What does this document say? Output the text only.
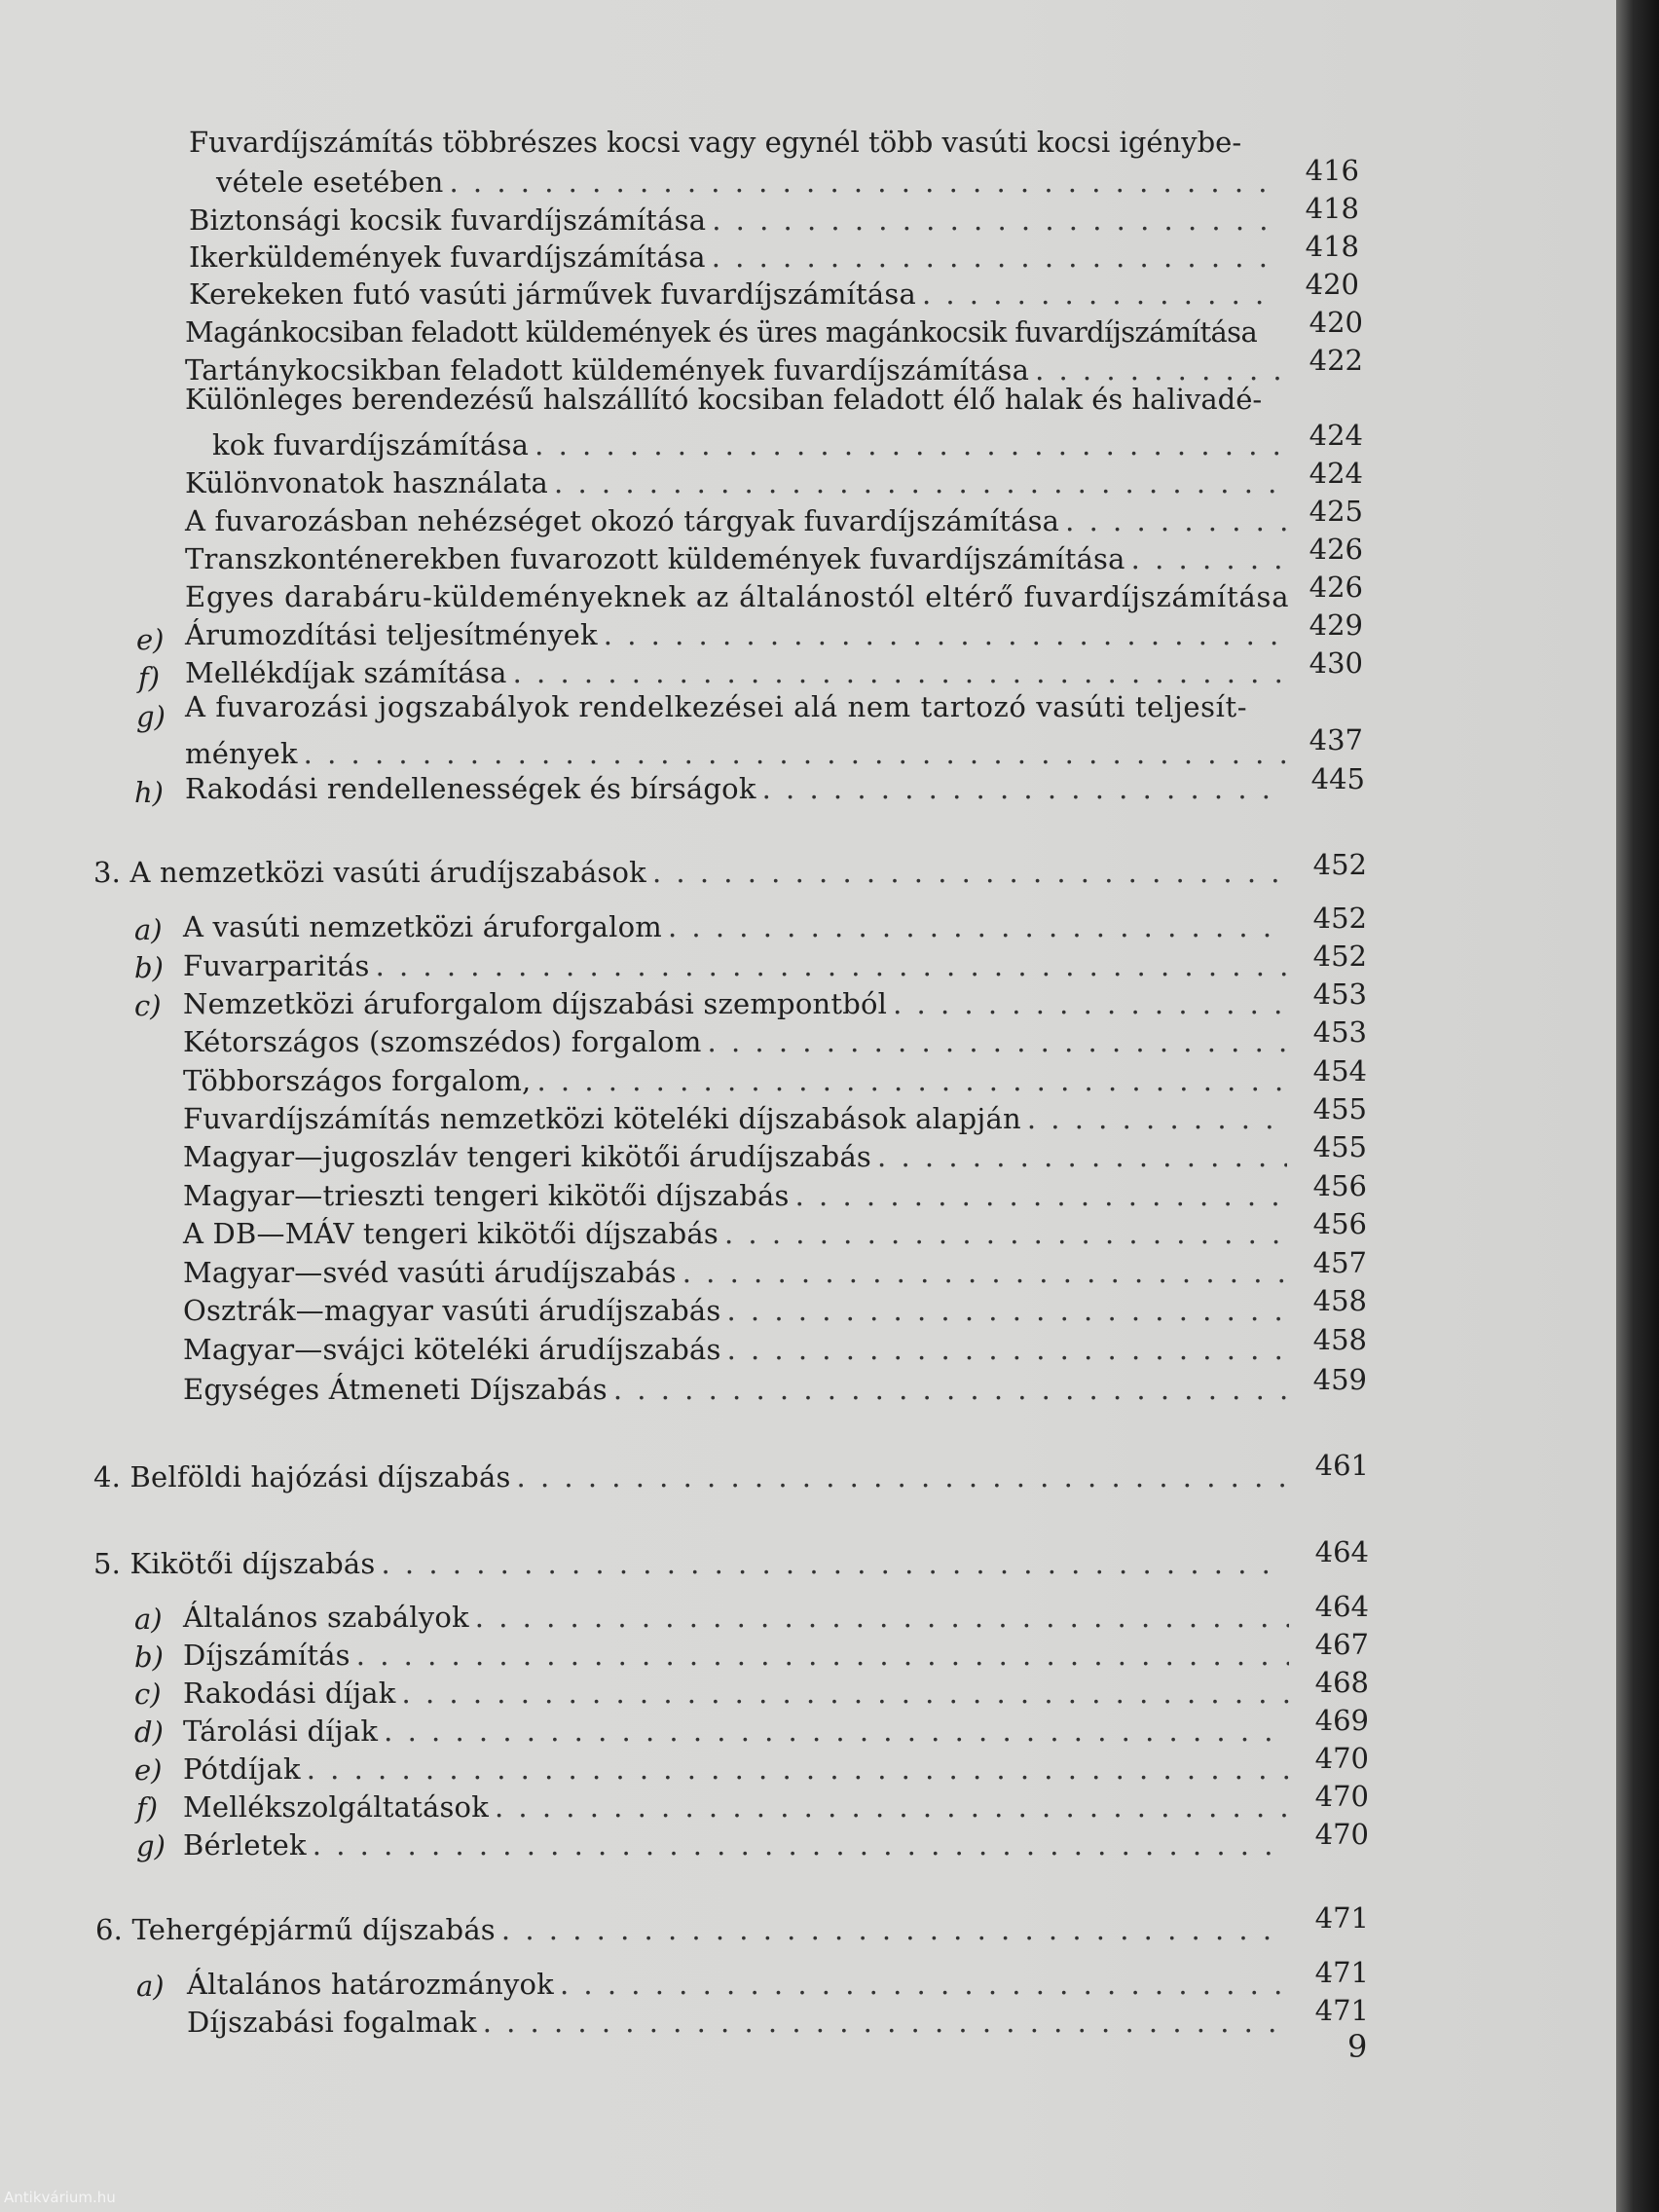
Fuvardíjszámítás többrészes kocsi vagy egynél több vasúti kocsi igénybe-
vétele esetében . . .	416
Biztonsági kocsik fuvardíjszámítása . . .	418
Ikerküldemények fuvardíjszámítása . . .	418
Kerekeken futó vasúti járművek fuvardíjszámítása . . .	420
Magánkocsiban feladott küldemények és üres magánkocsik fuvardíjszámítása	420
Tartánykocsikban feladott küldemények fuvardíjszámítása . . .	422
Különleges berendezésű halszállító kocsiban feladott élő halak és halivadé-
kok fuvardíjszámítása . . .	424
Különvonatok használata . . .	424
A fuvarozásban nehézséget okozó tárgyak fuvardíjszámítása . . .	425
Transzkonténerekben fuvarozott küldemények fuvardíjszámítása . . .	426
Egyes darabáru-küldeményeknek az általánostól eltérő fuvardíjszámítása 426
e) Árumozdítási teljesítmények . . .	429
f) Mellékdíjak számítása . . .	430
g) A fuvarozási jogszabályok rendelkezései alá nem tartozó vasúti teljesít-
mények . . .	437
h) Rakodási rendellenességek és bírságok . . .	445
3. A nemzetközi vasúti árudíjszabások . . .	452
a) A vasúti nemzetközi áruforgalom . . .	452
b) Fuvarparitás . . .	452
c) Nemzetközi áruforgalom díjszabási szempontból . . .	453
Kétországos (szomszédos) forgalom . . .	453
Többországos forgalom, . . .	454
Fuvardíjszámítás nemzetközi köteléki díjszabások alapján . . .	455
Magyar—jugoszláv tengeri kikötői árudíjszabás . . .	455
Magyar—trieszti tengeri kikötői díjszabás . . .	456
A DB—MÁV tengeri kikötői díjszabás . . .	456
Magyar—svéd vasúti árudíjszabás . . .	457
Osztrák—magyar vasúti árudíjszabás . . .	458
Magyar—svájci köteléki árudíjszabás . . .	458
Egységes Átmeneti Díjszabás . . .	459
4. Belföldi hajózási díjszabás . . .	461
5. Kikötői díjszabás . . .	464
a) Általános szabályok . . .	464
b) Díjszámítás . . .	467
c) Rakodási díjak . . .	468
d) Tárolási díjak . . .	469
e) Pótdíjak . . .	470
f) Mellékszolgáltatások . . .	470
g) Bérletek . . .	470
6. Tehergépjármű díjszabás . . .	471
a) Általános határozmányok . . .	471
Díjszabási fogalmak . . .	471
9
Antikvárium.hu
